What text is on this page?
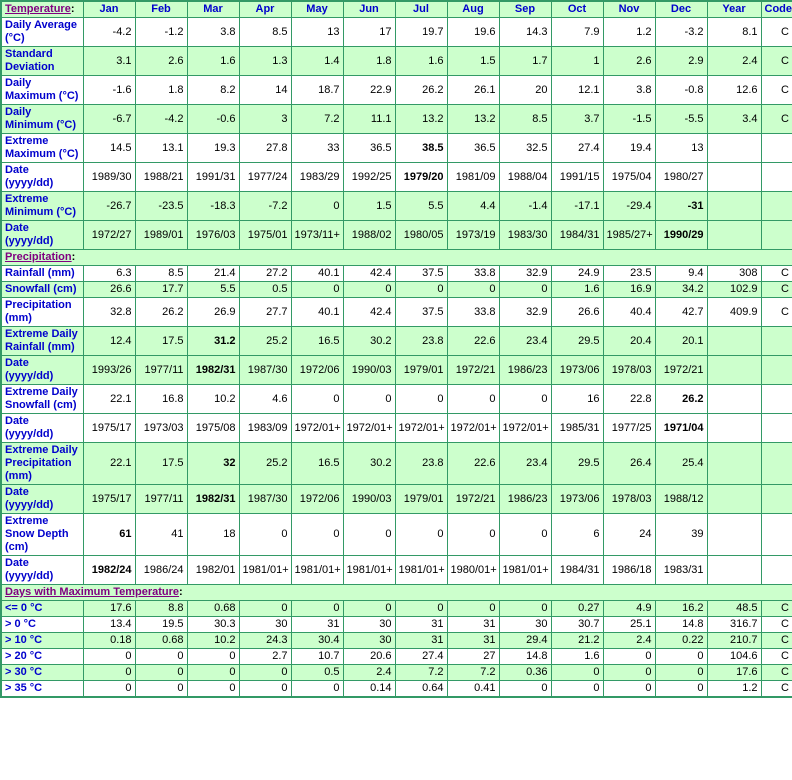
Temperature:	Jan	Feb	Mar	Apr	May	Jun	Jul	Aug	Sep	Oct	Nov	Dec	Year	Code
Daily Average (°C)	-4.2	-1.2	3.8	8.5	13	17	19.7	19.6	14.3	7.9	1.2	-3.2	8.1	C
Standard Deviation	3.1	2.6	1.6	1.3	1.4	1.8	1.6	1.5	1.7	1	2.6	2.9	2.4	C
Daily Maximum (°C)	-1.6	1.8	8.2	14	18.7	22.9	26.2	26.1	20	12.1	3.8	-0.8	12.6	C
Daily Minimum (°C)	-6.7	-4.2	-0.6	3	7.2	11.1	13.2	13.2	8.5	3.7	-1.5	-5.5	3.4	C
Extreme Maximum (°C)	14.5	13.1	19.3	27.8	33	36.5	38.5	36.5	32.5	27.4	19.4	13		
Date (yyyy/dd)	1989/30	1988/21	1991/31	1977/24	1983/29	1992/25	1979/20	1981/09	1988/04	1991/15	1975/04	1980/27		
Extreme Minimum (°C)	-26.7	-23.5	-18.3	-7.2	0	1.5	5.5	4.4	-1.4	-17.1	-29.4	-31		
Date (yyyy/dd)	1972/27	1989/01	1976/03	1975/01	1973/11+	1988/02	1980/05	1973/19	1983/30	1984/31	1985/27+	1990/29		
Precipitation:														
Rainfall (mm)	6.3	8.5	21.4	27.2	40.1	42.4	37.5	33.8	32.9	24.9	23.5	9.4	308	C
Snowfall (cm)	26.6	17.7	5.5	0.5	0	0	0	0	0	1.6	16.9	34.2	102.9	C
Precipitation (mm)	32.8	26.2	26.9	27.7	40.1	42.4	37.5	33.8	32.9	26.6	40.4	42.7	409.9	C
Extreme Daily Rainfall (mm)	12.4	17.5	31.2	25.2	16.5	30.2	23.8	22.6	23.4	29.5	20.4	20.1		
Date (yyyy/dd)	1993/26	1977/11	1982/31	1987/30	1972/06	1990/03	1979/01	1972/21	1986/23	1973/06	1978/03	1972/21		
Extreme Daily Snowfall (cm)	22.1	16.8	10.2	4.6	0	0	0	0	0	16	22.8	26.2		
Date (yyyy/dd)	1975/17	1973/03	1975/08	1983/09	1972/01+	1972/01+	1972/01+	1972/01+	1972/01+	1985/31	1977/25	1971/04		
Extreme Daily Precipitation (mm)	22.1	17.5	32	25.2	16.5	30.2	23.8	22.6	23.4	29.5	26.4	25.4		
Date (yyyy/dd)	1975/17	1977/11	1982/31	1987/30	1972/06	1990/03	1979/01	1972/21	1986/23	1973/06	1978/03	1988/12		
Extreme Snow Depth (cm)	61	41	18	0	0	0	0	0	0	6	24	39		
Date (yyyy/dd)	1982/24	1986/24	1982/01	1981/01+	1981/01+	1981/01+	1981/01+	1980/01+	1981/01+	1984/31	1986/18	1983/31		
Days with Maximum Temperature:														
<= 0 °C	17.6	8.8	0.68	0	0	0	0	0	0	0.27	4.9	16.2	48.5	C
> 0 °C	13.4	19.5	30.3	30	31	30	31	31	30	30.7	25.1	14.8	316.7	C
> 10 °C	0.18	0.68	10.2	24.3	30.4	30	31	31	29.4	21.2	2.4	0.22	210.7	C
> 20 °C	0	0	0	2.7	10.7	20.6	27.4	27	14.8	1.6	0	0	104.6	C
> 30 °C	0	0	0	0	0.5	2.4	7.2	7.2	0.36	0	0	0	17.6	C
> 35 °C	0	0	0	0	0	0.14	0.64	0.41	0	0	0	0	1.2	C
